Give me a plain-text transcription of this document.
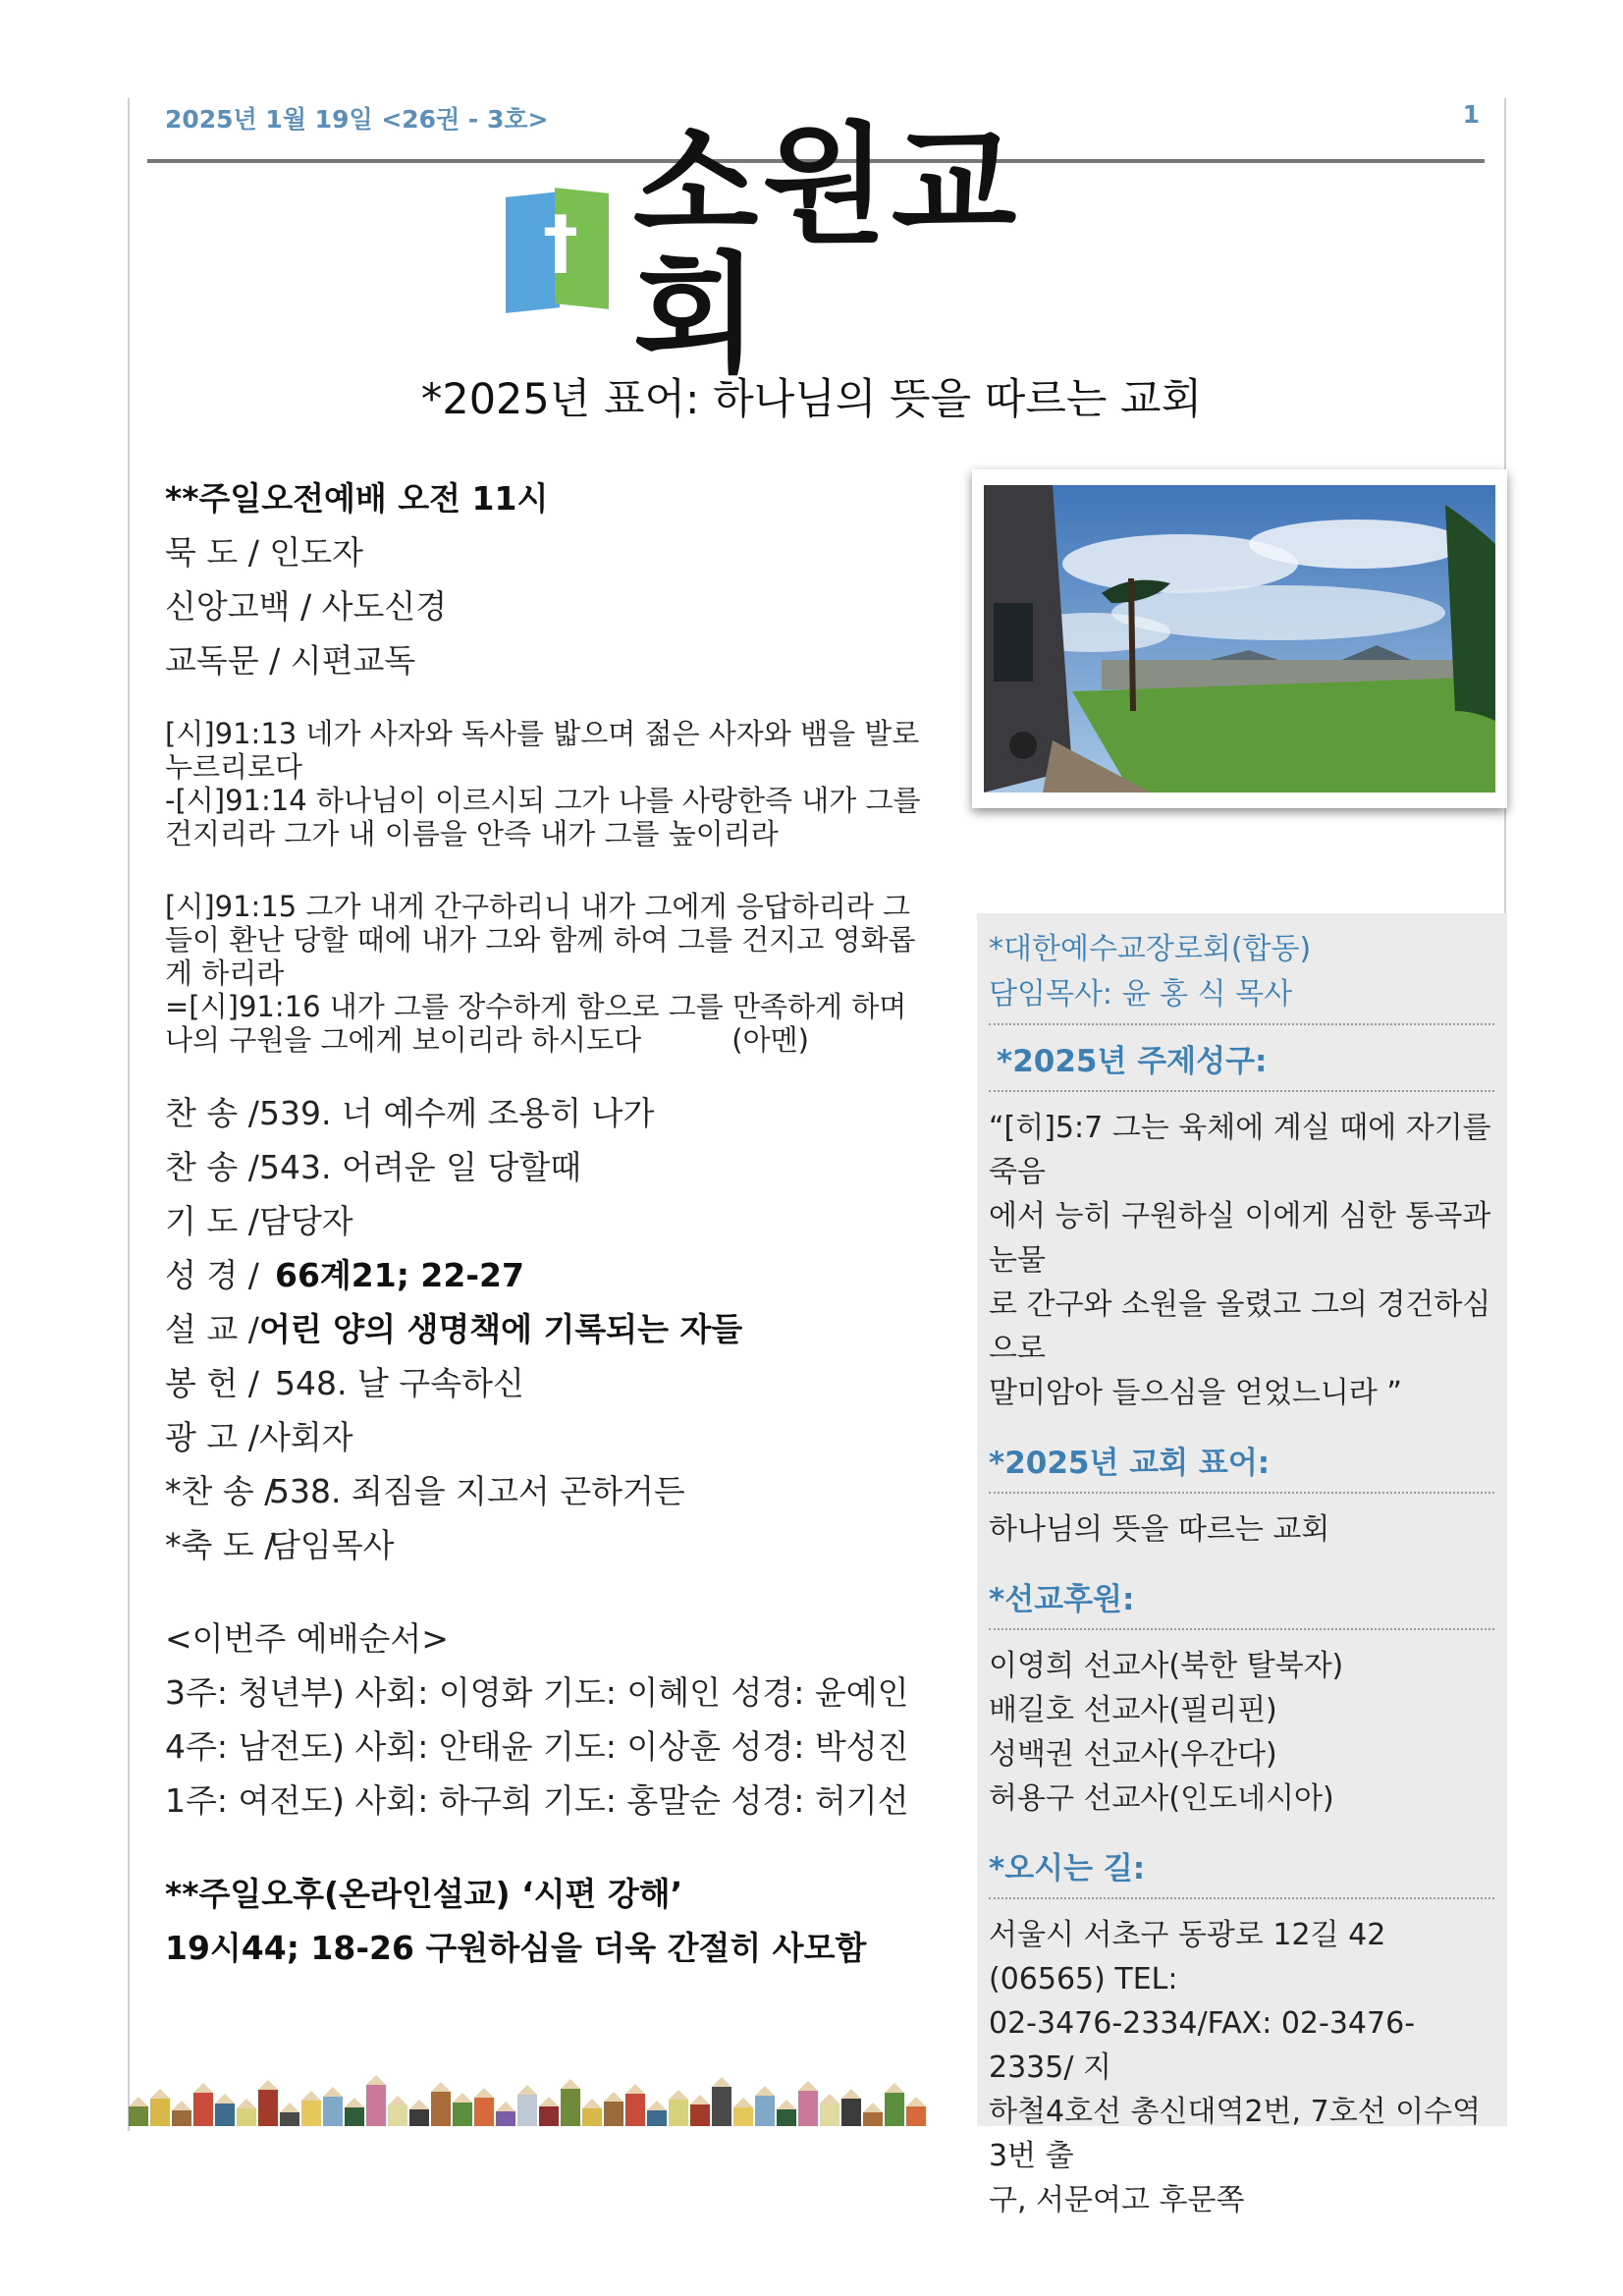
2025년 1월 19일 <26권 - 3호>	1
† 소원교회
*2025년 표어: 하나님의 뜻을 따르는 교회
**주일오전예배 오전 11시
묵 도 / 인도자
신앙고백 / 사도신경
교독문 / 시편교독
[시]91:13 네가 사자와 독사를 밟으며 젊은 사자와 뱀을 발로
누르리로다
-[시]91:14 하나님이 이르시되 그가 나를 사랑한즉 내가 그를
건지리라 그가 내 이름을 안즉 내가 그를 높이리라
[시]91:15 그가 내게 간구하리니 내가 그에게 응답하리라 그
들이 환난 당할 때에 내가 그와 함께 하여 그를 건지고 영화롭
게 하리라
=[시]91:16 내가 그를 장수하게 함으로 그를 만족하게 하며
나의 구원을 그에게 보이리라 하시도다          (아멘)
찬 송 /539. 너 예수께 조용히 나가
찬 송 /543. 어려운 일 당할때
기 도 /담당자
성 경 / 66계21; 22-27
설 교 /어린 양의 생명책에 기록되는 자들
봉 헌 / 548. 날 구속하신
광 고 /사회자
*찬 송 /538. 죄짐을 지고서 곤하거든
*축 도 /담임목사
<이번주 예배순서>
3주: 청년부) 사회: 이영화 기도: 이혜인 성경: 윤예인
4주: 남전도) 사회: 안태윤 기도: 이상훈 성경: 박성진
1주: 여전도) 사회: 하구희 기도: 홍말순 성경: 허기선
**주일오후(온라인설교) ‘시편 강해’
19시44; 18-26 구원하심을 더욱 간절히 사모함
*대한예수교장로회(합동)
담임목사: 윤 홍 식 목사
*2025년 주제성구:
“[히]5:7 그는 육체에 계실 때에 자기를 죽음
에서 능히 구원하실 이에게 심한 통곡과 눈물
로 간구와 소원을 올렸고 그의 경건하심으로
말미암아 들으심을 얻었느니라 ”
*2025년 교회 표어:
하나님의 뜻을 따르는 교회
*선교후원:
이영희 선교사(북한 탈북자)
배길호 선교사(필리핀)
성백권 선교사(우간다)
허용구 선교사(인도네시아)
*오시는 길:
서울시 서초구 동광로 12길 42 (06565) TEL:
02-3476-2334/FAX: 02-3476-2335/ 지
하철4호선 총신대역2번, 7호선 이수역3번 출
구, 서문여고 후문쪽
